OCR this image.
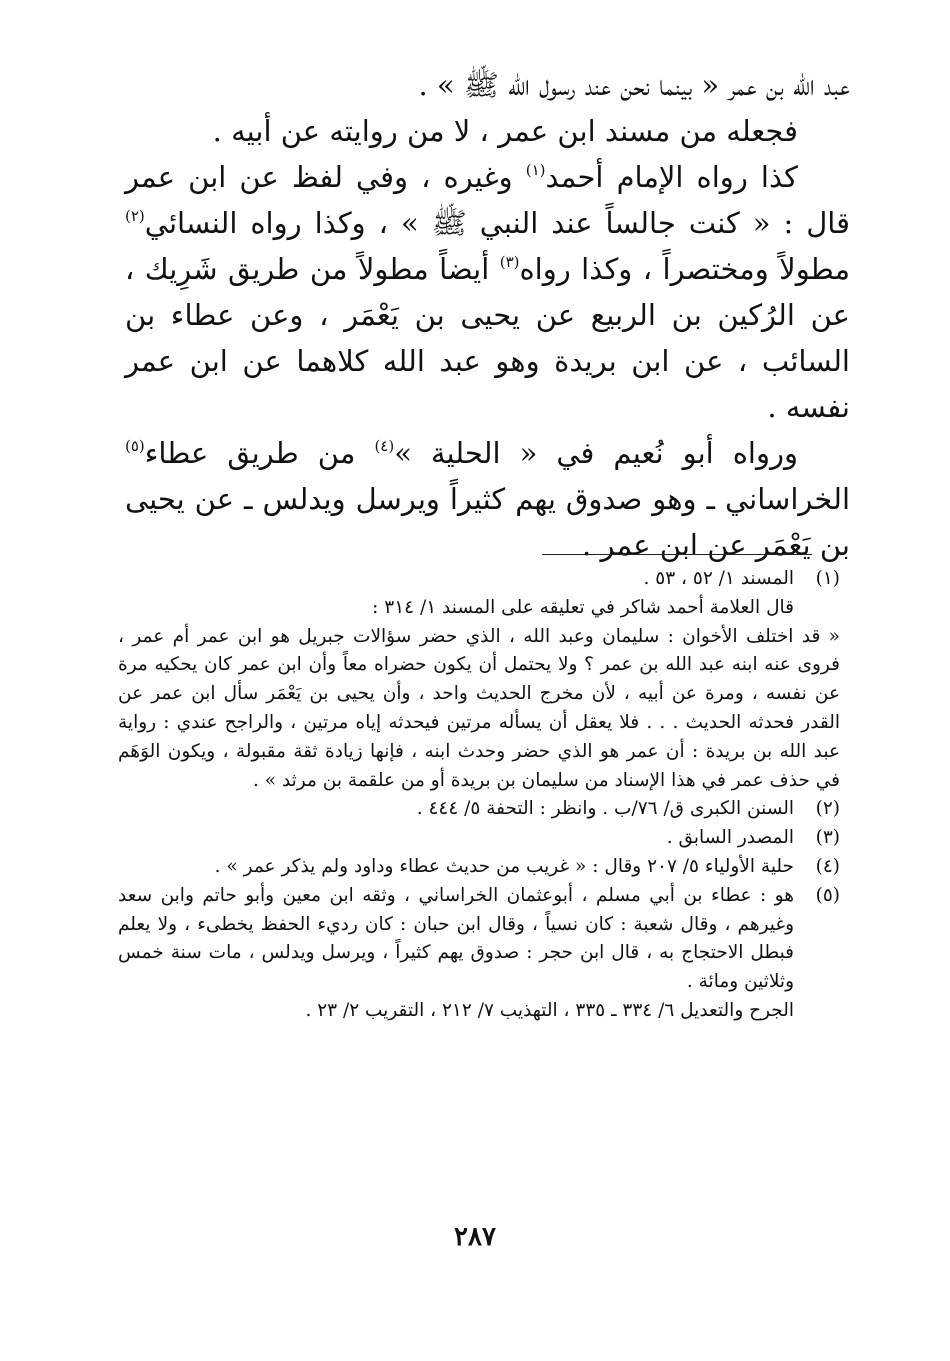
عبد الله بن عمر « بينما نحن عند رسول الله ﷺ » .

فجعله من مسند ابن عمر ، لا من روايته عن أبيه .

كذا رواه الإمام أحمد$^{(١)}$ وغيره ، وفي لفظ عن ابن عمر قال : « كنت جالساً عند النبي ﷺ » ، وكذا رواه النسائي$^{(٢)}$ مطولاً ومختصراً ، وكذا رواه$^{(٣)}$ أيضاً مطولاً من طريق شَرِيك ، عن الرُكين بن الربيع عن يحيى بن يَعْمَر ، وعن عطاء بن السائب ، عن ابن بريدة وهو عبد الله كلاهما عن ابن عمر نفسه .

ورواه أبو نُعيم في « الحلية »$^{(٤)}$ من طريق عطاء$^{(٥)}$ الخراساني ـ وهو صدوق يهم كثيراً ويرسل ويدلس ـ عن يحيى بن يَعْمَر عن ابن عمر .

(١)

المسند ١/ ٥٢ ، ٥٣ .

قال العلامة أحمد شاكر في تعليقه على المسند ١/ ٣١٤ :

« قد اختلف الأخوان : سليمان وعبد الله ، الذي حضر سؤالات جبريل هو ابن عمر أم عمر ، فروى عنه ابنه عبد الله بن عمر ؟ ولا يحتمل أن يكون حضراه معاً وأن ابن عمر كان يحكيه مرة عن نفسه ، ومرة عن أبيه ، لأن مخرج الحديث واحد ، وأن يحيى بن يَعْمَر سأل ابن عمر عن القدر فحدثه الحديث . . . فلا يعقل أن يسأله مرتين فيحدثه إياه مرتين ، والراجح عندي : رواية عبد الله بن بريدة : أن عمر هو الذي حضر وحدث ابنه ، فإنها زيادة ثقة مقبولة ، ويكون الوَهَم في حذف عمر في هذا الإسناد من سليمان بن بريدة أو من علقمة بن مرثد » .

(٢)
السنن الكبرى ق/ ٧٦/ب . وانظر : التحفة ٥/ ٤٤٤ .
(٣)
المصدر السابق .
(٤)
حلية الأولياء ٥/ ٢٠٧ وقال : « غريب من حديث عطاء وداود ولم يذكر عمر » .
(٥)
هو : عطاء بن أبي مسلم ، أبوعثمان الخراساني ، وثقه ابن معين وأبو حاتم وابن سعد وغيرهم ، وقال شعبة : كان نسياً ، وقال ابن حبان : كان رديء الحفظ يخطىء ، ولا يعلم فبطل الاحتجاج به ، قال ابن حجر : صدوق يهم كثيراً ، ويرسل ويدلس ، مات سنة خمس وثلاثين ومائة .

الجرح والتعديل ٦/ ٣٣٤ ـ ٣٣٥ ، التهذيب ٧/ ٢١٢ ، التقريب ٢/ ٢٣ .

٢٨٧
